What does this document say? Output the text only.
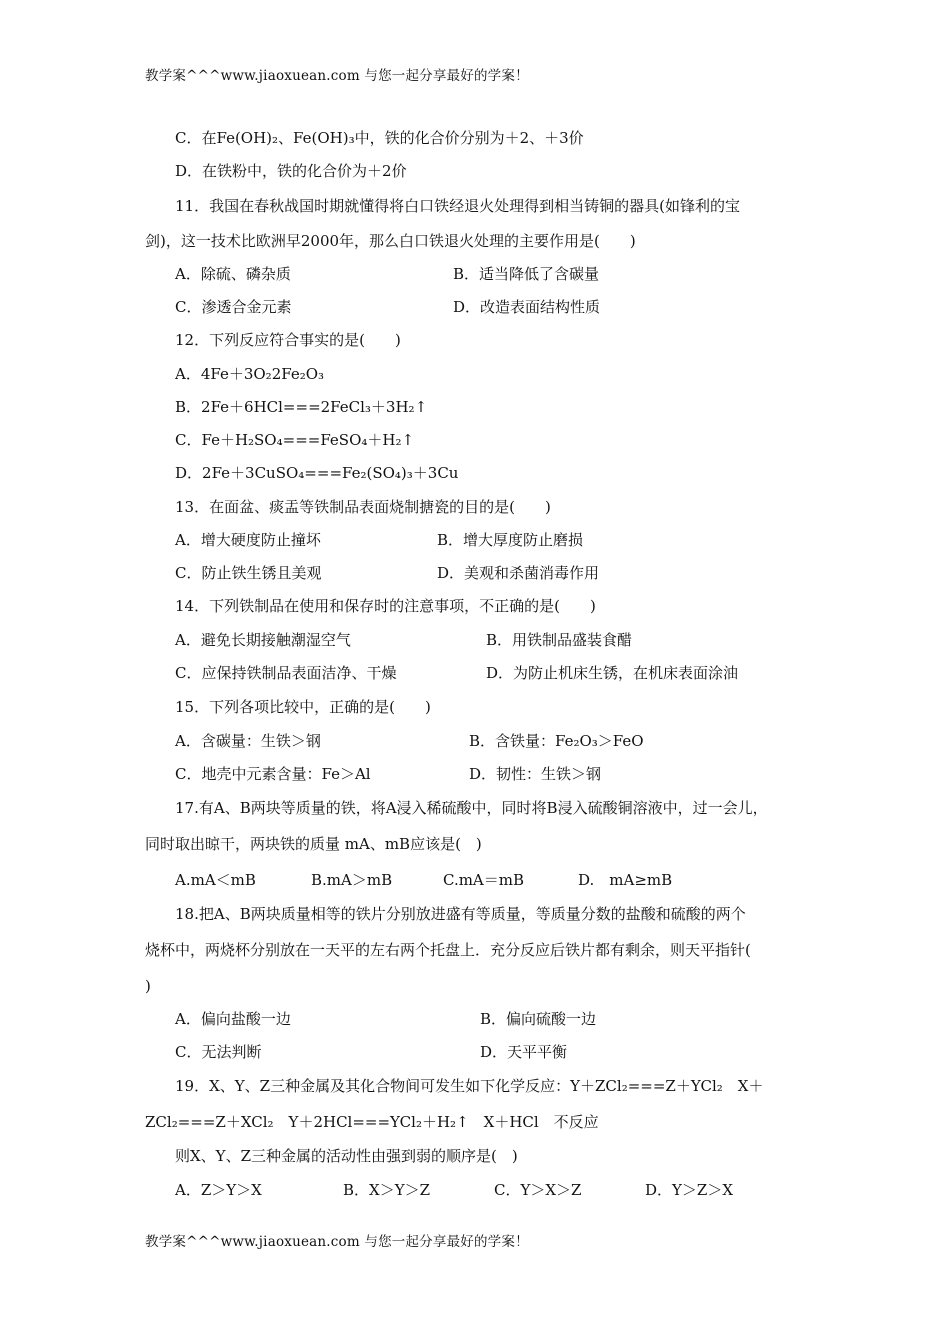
教学案^^^www.jiaoxuean.com 与您一起分享最好的学案！
C．在Fe(OH)₂、Fe(OH)₃中，铁的化合价分别为＋2、＋3价
D．在铁粉中，铁的化合价为＋2价
11．我国在春秋战国时期就懂得将白口铁经退火处理得到相当铸铜的器具(如锋利的宝
剑)，这一技术比欧洲早2000年，那么白口铁退火处理的主要作用是(　　)
A．除硫、磷杂质	B．适当降低了含碳量
C．渗透合金元素	D．改造表面结构性质
12．下列反应符合事实的是(　　)
A．4Fe＋3O₂2Fe₂O₃
B．2Fe＋6HCl===2FeCl₃＋3H₂↑
C．Fe＋H₂SO₄===FeSO₄＋H₂↑
D．2Fe＋3CuSO₄===Fe₂(SO₄)₃＋3Cu
13．在面盆、痰盂等铁制品表面烧制搪瓷的目的是(　　)
A．增大硬度防止撞坏	B．增大厚度防止磨损
C．防止铁生锈且美观	D．美观和杀菌消毒作用
14．下列铁制品在使用和保存时的注意事项，不正确的是(　　)
A．避免长期接触潮湿空气	B．用铁制品盛装食醋
C．应保持铁制品表面洁净、干燥	D．为防止机床生锈，在机床表面涂油
15．下列各项比较中，正确的是(　　)
A．含碳量：生铁＞钢	B．含铁量：Fe₂O₃＞FeO
C．地壳中元素含量：Fe＞Al	D．韧性：生铁＞钢
17.有A、B两块等质量的铁，将A浸入稀硫酸中，同时将B浸入硫酸铜溶液中，过一会儿，
同时取出晾干，两块铁的质量 mA、mB应该是(　)
A.mA＜mB	B.mA＞mB	C.mA＝mB	D.　mA≥mB
18.把A、B两块质量相等的铁片分别放进盛有等质量，等质量分数的盐酸和硫酸的两个
烧杯中，两烧杯分别放在一天平的左右两个托盘上．充分反应后铁片都有剩余，则天平指针(
)
A．偏向盐酸一边	B．偏向硫酸一边
C．无法判断	D．天平平衡
19．X、Y、Z三种金属及其化合物间可发生如下化学反应：Y＋ZCl₂===Z＋YCl₂　X＋
ZCl₂===Z＋XCl₂　Y＋2HCl===YCl₂＋H₂↑　X＋HCl　不反应
则X、Y、Z三种金属的活动性由强到弱的顺序是(　)
A．Z＞Y＞X	B．X＞Y＞Z	C．Y＞X＞Z	D．Y＞Z＞X
教学案^^^www.jiaoxuean.com 与您一起分享最好的学案！
